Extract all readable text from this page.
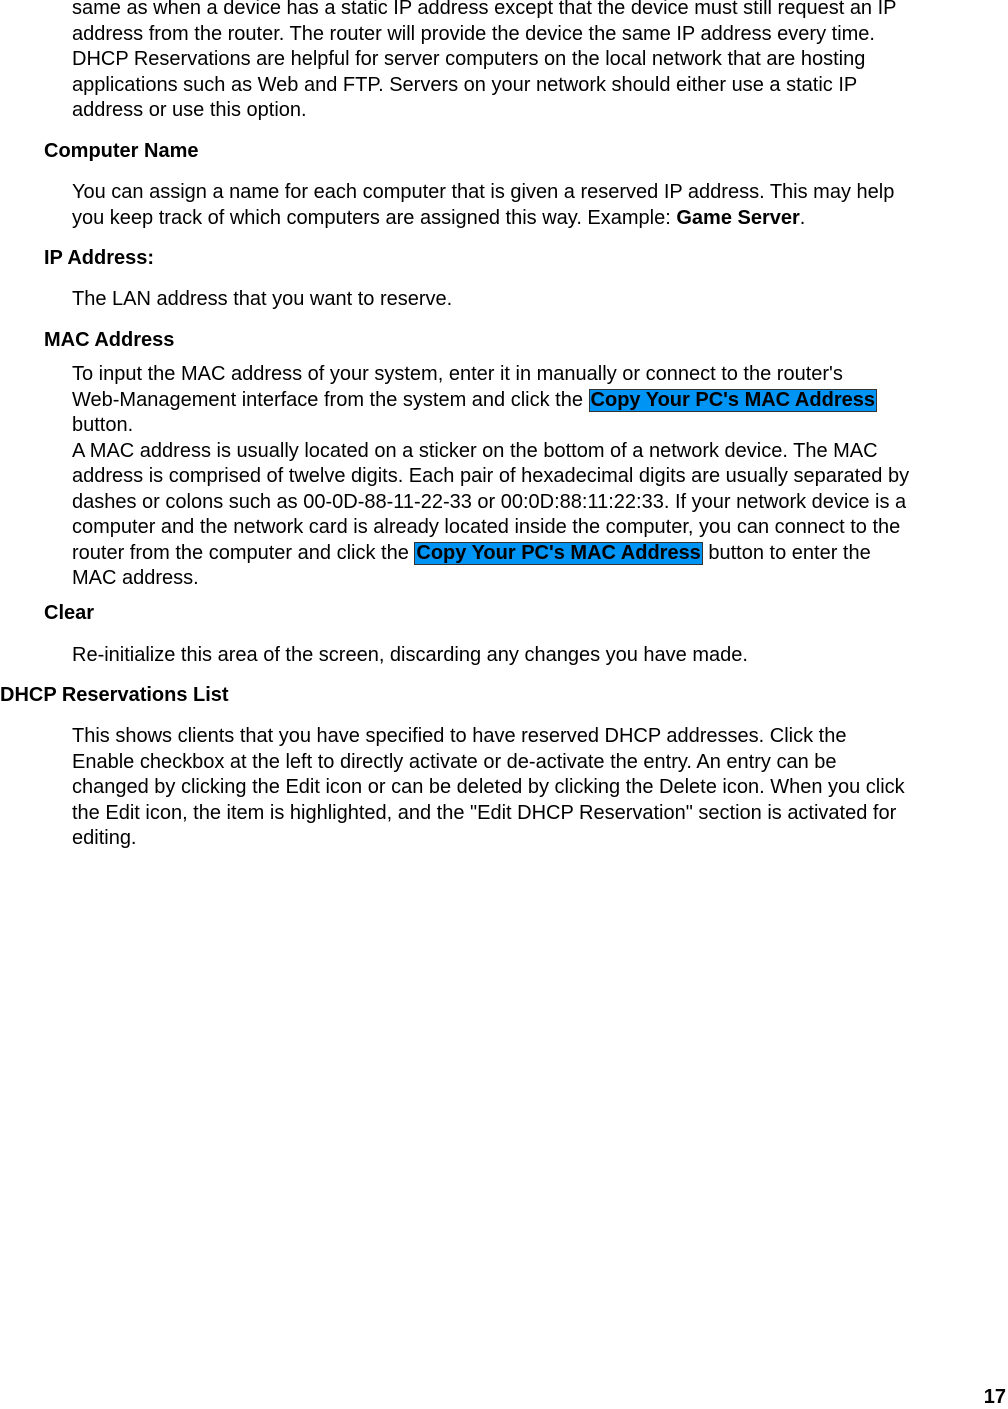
same as when a device has a static IP address except that the device must still request an IP
address from the router. The router will provide the device the same IP address every time.
DHCP Reservations are helpful for server computers on the local network that are hosting
applications such as Web and FTP. Servers on your network should either use a static IP
address or use this option.
Computer Name
You can assign a name for each computer that is given a reserved IP address. This may help
you keep track of which computers are assigned this way. Example: Game Server.
IP Address:
The LAN address that you want to reserve.
MAC Address
To input the MAC address of your system, enter it in manually or connect to the router's
Web-Management interface from the system and click the Copy Your PC's MAC Address
button.
A MAC address is usually located on a sticker on the bottom of a network device. The MAC
address is comprised of twelve digits. Each pair of hexadecimal digits are usually separated by
dashes or colons such as 00-0D-88-11-22-33 or 00:0D:88:11:22:33. If your network device is a
computer and the network card is already located inside the computer, you can connect to the
router from the computer and click the Copy Your PC's MAC Address button to enter the
MAC address.
Clear
Re-initialize this area of the screen, discarding any changes you have made.
DHCP Reservations List
This shows clients that you have specified to have reserved DHCP addresses. Click the
Enable checkbox at the left to directly activate or de-activate the entry. An entry can be
changed by clicking the Edit icon or can be deleted by clicking the Delete icon. When you click
the Edit icon, the item is highlighted, and the "Edit DHCP Reservation" section is activated for
editing.
17
